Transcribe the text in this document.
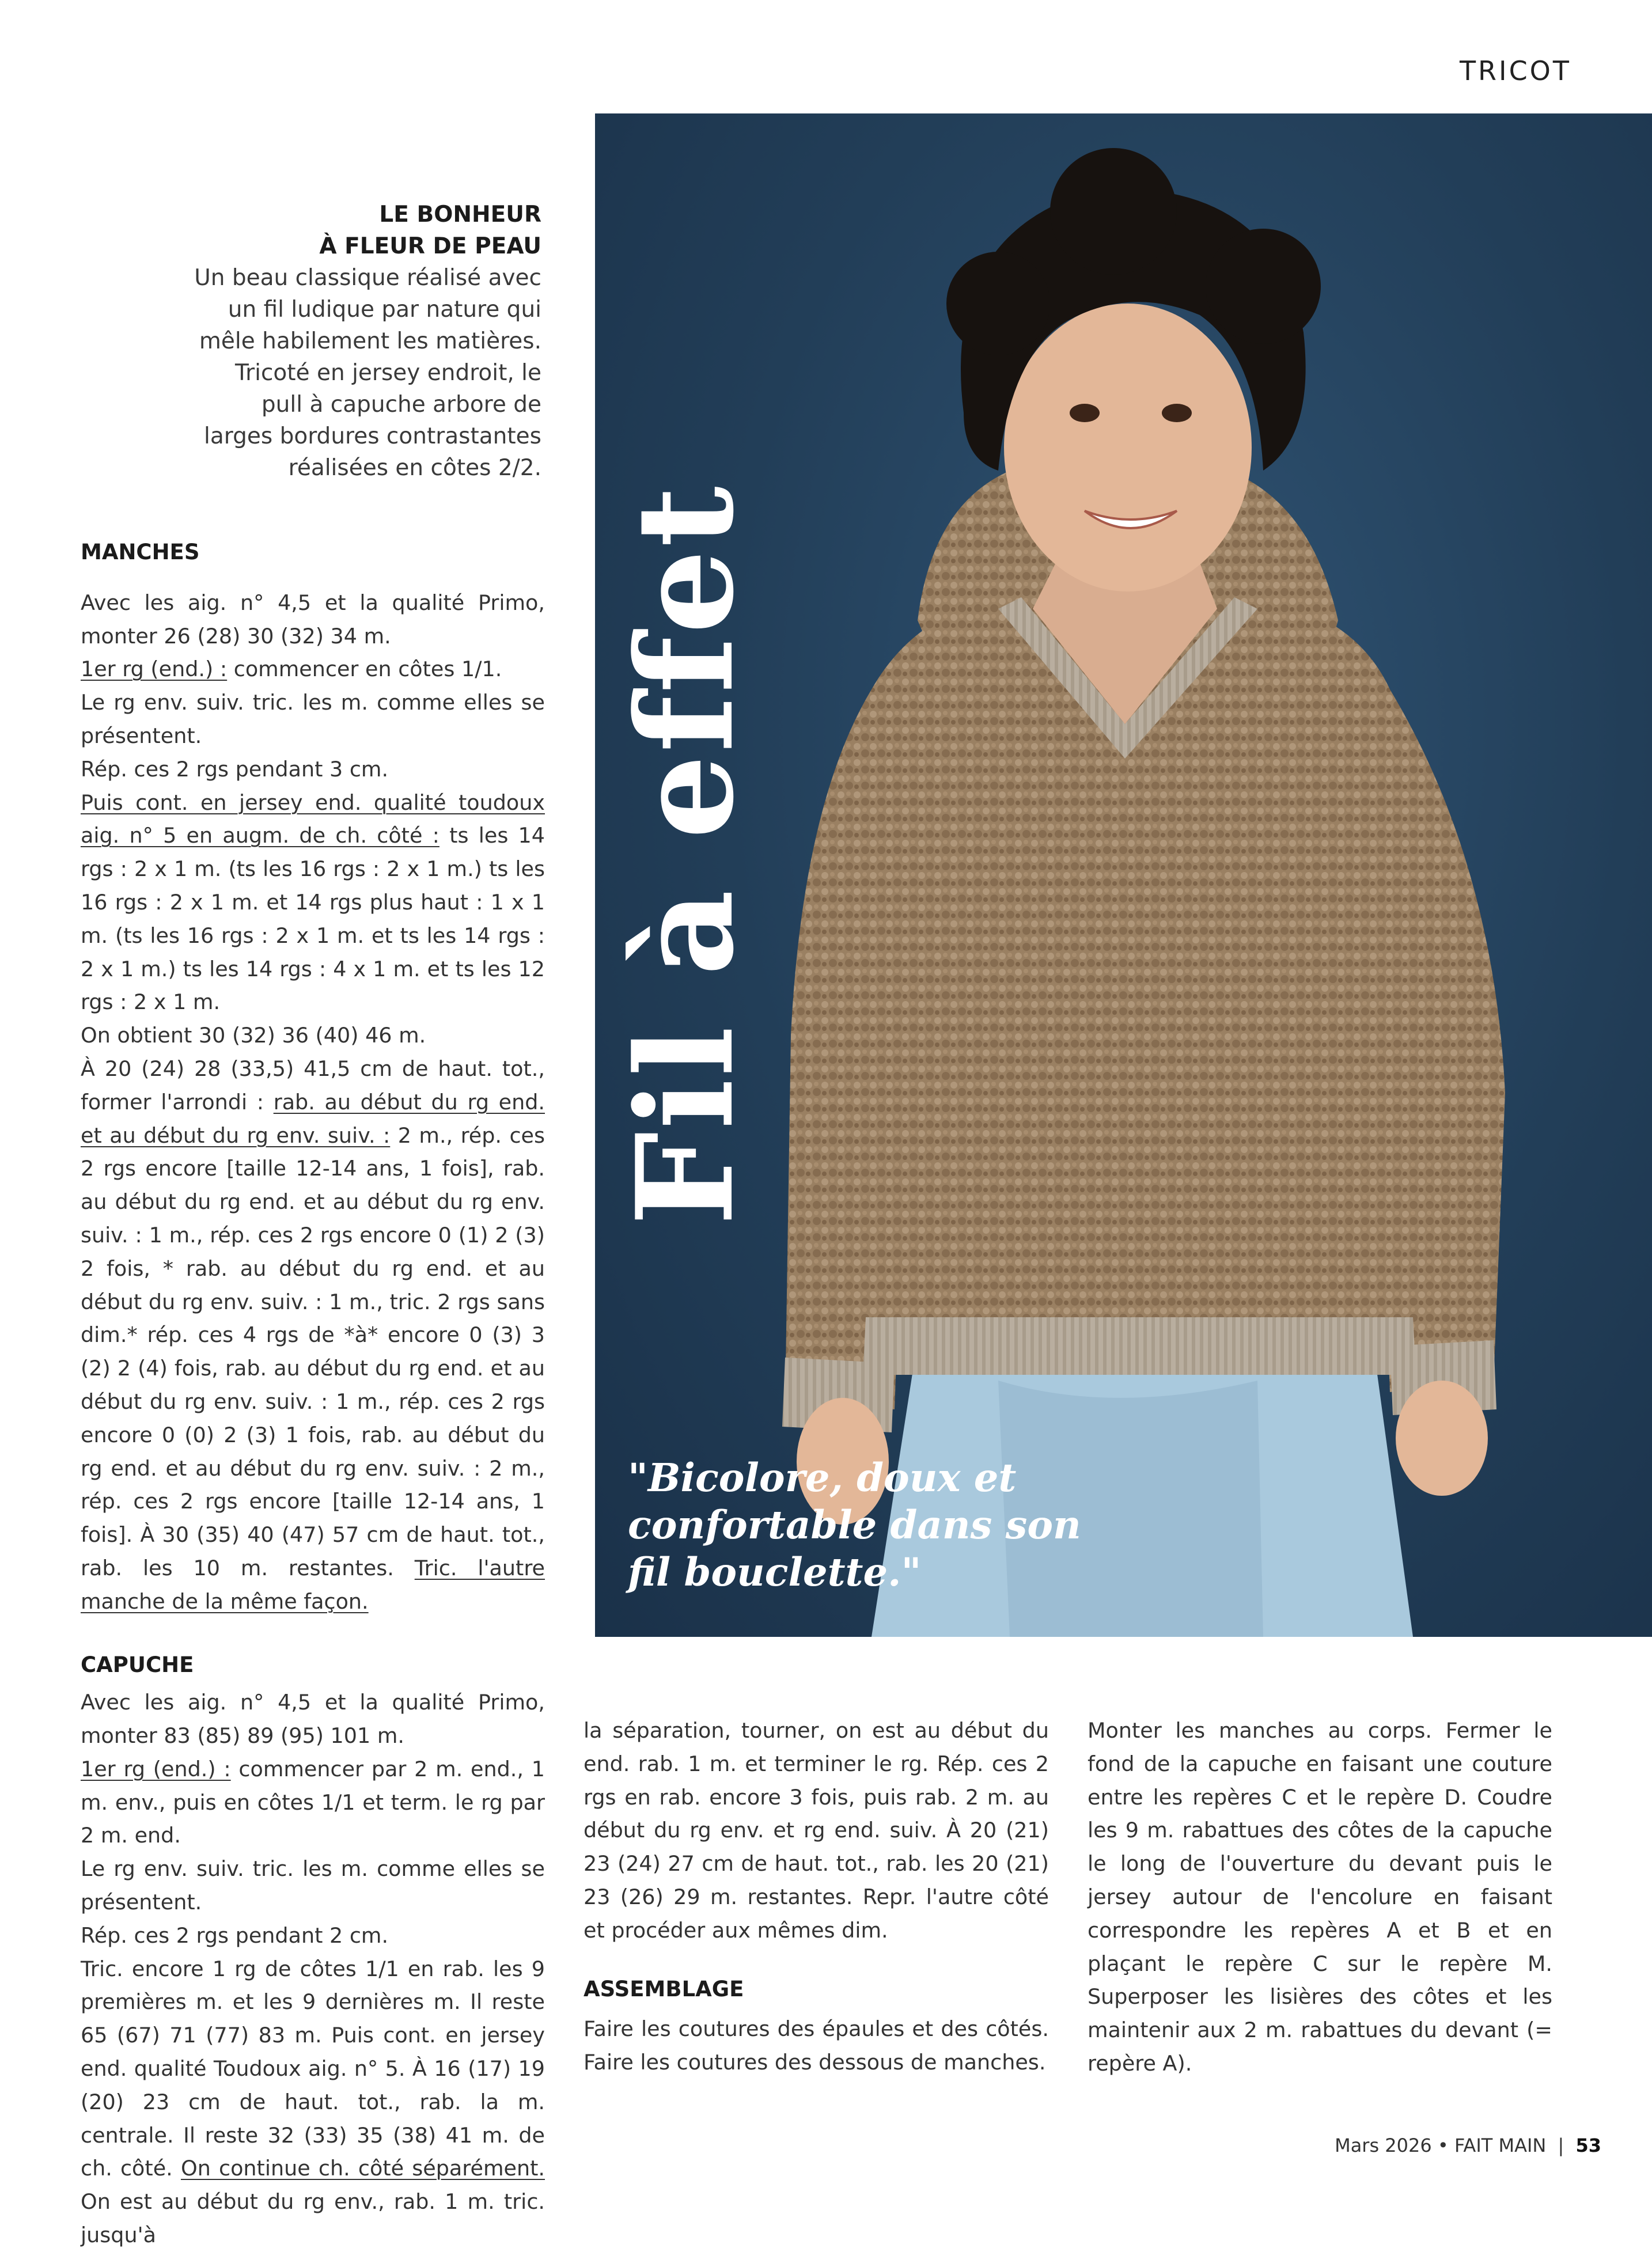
TRICOT
Fil à effet
"Bicolore, doux et confortable dans son fil bouclette."
LE BONHEUR
À FLEUR DE PEAU
Un beau classique réalisé avec un fil ludique par nature qui mêle habilement les matières. Tricoté en jersey endroit, le pull à capuche arbore de larges bordures contrastantes réalisées en côtes 2/2.
MANCHES

Avec les aig. n° 4,5 et la qualité Primo, monter 26 (28) 30 (32) 34 m.

1er rg (end.) : commencer en côtes 1/1.

Le rg env. suiv. tric. les m. comme elles se présentent.

Rép. ces 2 rgs pendant 3 cm.

Puis cont. en jersey end. qualité toudoux aig. n° 5 en augm. de ch. côté : ts les 14 rgs : 2 x 1 m. (ts les 16 rgs : 2 x 1 m.) ts les 16 rgs : 2 x 1 m. et 14 rgs plus haut : 1 x 1 m. (ts les 16 rgs : 2 x 1 m. et ts les 14 rgs : 2 x 1 m.) ts les 14 rgs : 4 x 1 m. et ts les 12 rgs : 2 x 1 m.

On obtient 30 (32) 36 (40) 46 m.

À 20 (24) 28 (33,5) 41,5 cm de haut. tot., former l'arrondi : rab. au début du rg end. et au début du rg env. suiv. : 2 m., rép. ces 2 rgs encore [taille 12-14 ans, 1 fois], rab. au début du rg end. et au début du rg env. suiv. : 1 m., rép. ces 2 rgs encore 0 (1) 2 (3) 2 fois, * rab. au début du rg end. et au début du rg env. suiv. : 1 m., tric. 2 rgs sans dim.* rép. ces 4 rgs de *à* encore 0 (3) 3 (2) 2 (4) fois, rab. au début du rg end. et au début du rg env. suiv. : 1 m., rép. ces 2 rgs encore 0 (0) 2 (3) 1 fois, rab. au début du rg end. et au début du rg env. suiv. : 2 m., rép. ces 2 rgs encore [taille 12-14 ans, 1 fois]. À 30 (35) 40 (47) 57 cm de haut. tot., rab. les 10 m. restantes. Tric. l'autre manche de la même façon.

CAPUCHE

Avec les aig. n° 4,5 et la qualité Primo, monter 83 (85) 89 (95) 101 m.

1er rg (end.) : commencer par 2 m. end., 1 m. env., puis en côtes 1/1 et term. le rg par 2 m. end.

Le rg env. suiv. tric. les m. comme elles se présentent.

Rép. ces 2 rgs pendant 2 cm.

Tric. encore 1 rg de côtes 1/1 en rab. les 9 premières m. et les 9 dernières m. Il reste 65 (67) 71 (77) 83 m. Puis cont. en jersey end. qualité Toudoux aig. n° 5. À 16 (17) 19 (20) 23 cm de haut. tot., rab. la m. centrale. Il reste 32 (33) 35 (38) 41 m. de ch. côté. On continue ch. côté séparément. On est au début du rg env., rab. 1 m. tric. jusqu'à

la séparation, tourner, on est au début du end. rab. 1 m. et terminer le rg. Rép. ces 2 rgs en rab. encore 3 fois, puis rab. 2 m. au début du rg env. et rg end. suiv. À 20 (21) 23 (24) 27 cm de haut. tot., rab. les 20 (21) 23 (26) 29 m. restantes. Repr. l'autre côté et procéder aux mêmes dim.

ASSEMBLAGE

Faire les coutures des épaules et des côtés. Faire les coutures des dessous de manches.

Monter les manches au corps. Fermer le fond de la capuche en faisant une couture entre les repères C et le repère D. Coudre les 9 m. rabattues des côtes de la capuche le long de l'ouverture du devant puis le jersey autour de l'encolure en faisant correspondre les repères A et B et en plaçant le repère C sur le repère M. Superposer les lisières des côtes et les maintenir aux 2 m. rabattues du devant (= repère A).

Mars 2026 • FAIT MAIN | 53
